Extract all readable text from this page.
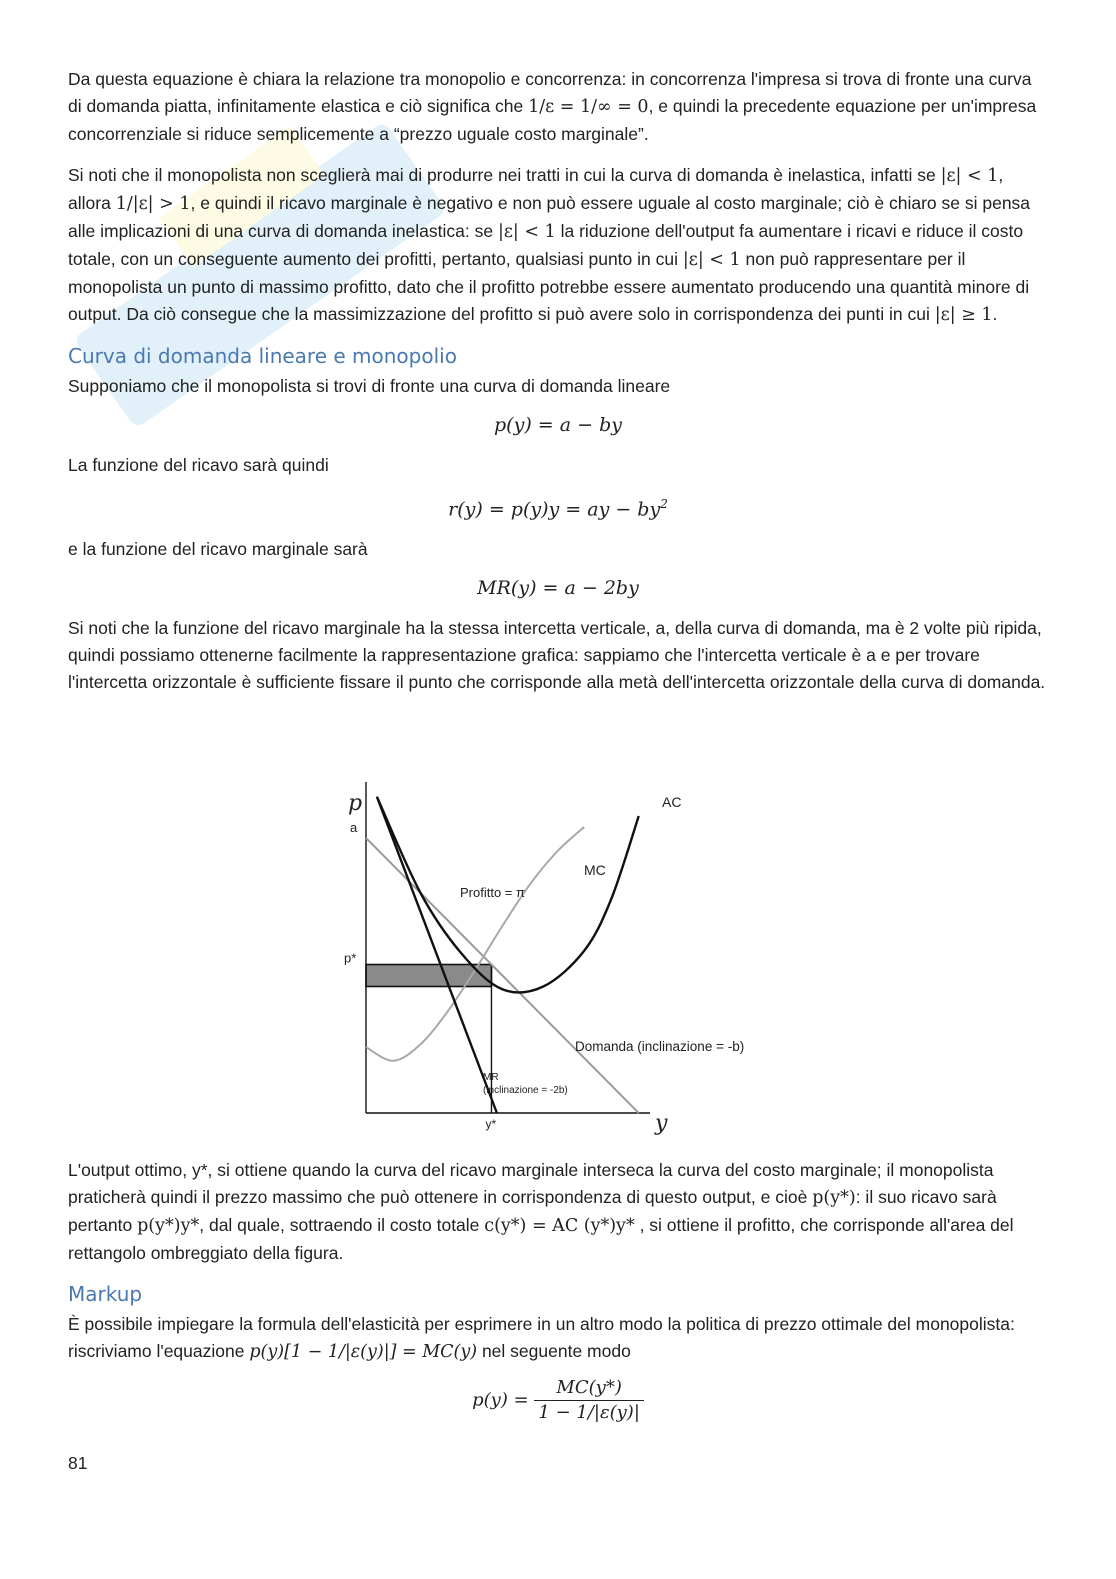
Da questa equazione è chiara la relazione tra monopolio e concorrenza: in concorrenza l'impresa si trova di fronte una curva di domanda piatta, infinitamente elastica e ciò significa che 1/ε = 1/∞ = 0, e quindi la precedente equazione per un'impresa concorrenziale si riduce semplicemente a “prezzo uguale costo marginale”.

Si noti che il monopolista non sceglierà mai di produrre nei tratti in cui la curva di domanda è inelastica, infatti se |ε| < 1, allora 1/|ε| > 1, e quindi il ricavo marginale è negativo e non può essere uguale al costo marginale; ciò è chiaro se si pensa alle implicazioni di una curva di domanda inelastica: se |ε| < 1 la riduzione dell'output fa aumentare i ricavi e riduce il costo totale, con un conseguente aumento dei profitti, pertanto, qualsiasi punto in cui |ε| < 1 non può rappresentare per il monopolista un punto di massimo profitto, dato che il profitto potrebbe essere aumentato producendo una quantità minore di output. Da ciò consegue che la massimizzazione del profitto si può avere solo in corrispondenza dei punti in cui |ε| ≥ 1.

Curva di domanda lineare e monopolio

Supponiamo che il monopolista si trovi di fronte una curva di domanda lineare

p(y) = a − by

La funzione del ricavo sarà quindi

r(y) = p(y)y = ay − $by^2$

e la funzione del ricavo marginale sarà

MR(y) = a − 2by

Si noti che la funzione del ricavo marginale ha la stessa intercetta verticale, a, della curva di domanda, ma è 2 volte più ripida, quindi possiamo ottenerne facilmente la rappresentazione grafica: sappiamo che l'intercetta verticale è a e per trovare l'intercetta orizzontale è sufficiente fissare il punto che corrisponde alla metà dell'intercetta orizzontale della curva di domanda.

p
y
a
p*
y*
Profitto = π
MC
AC
Domanda (inclinazione = -b)
MR
(inclinazione = -2b)

L'output ottimo, y*, si ottiene quando la curva del ricavo marginale interseca la curva del costo marginale; il monopolista praticherà quindi il prezzo massimo che può ottenere in corrispondenza di questo output, e cioè p(y*): il suo ricavo sarà pertanto p(y*)y*, dal quale, sottraendo il costo totale c(y*) = AC (y*)y* , si ottiene il profitto, che corrisponde all'area del rettangolo ombreggiato della figura.

Markup

È possibile impiegare la formula dell'elasticità per esprimere in un altro modo la politica di prezzo ottimale del monopolista: riscriviamo l'equazione p(y)[1 − 1/|ε(y)|] = MC(y) nel seguente modo

$p(y) = \frac{MC(y*)}{1 - 1/|\varepsilon(y)|}$
81
